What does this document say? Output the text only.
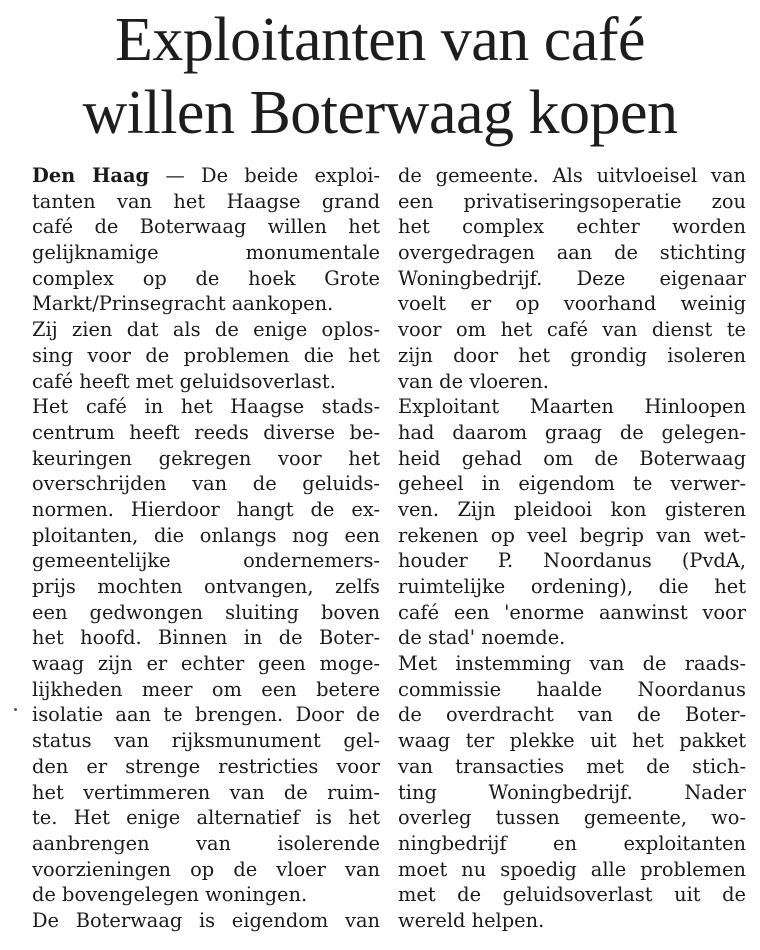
Exploitanten van café
willen Boterwaag kopen
Den Haag — De beide exploi-
tanten van het Haagse grand
café de Boterwaag willen het
gelijknamige monumentale
complex op de hoek Grote
Markt/Prinsegracht aankopen.
Zij zien dat als de enige oplos-
sing voor de problemen die het
café heeft met geluidsoverlast.
Het café in het Haagse stads-
centrum heeft reeds diverse be-
keuringen gekregen voor het
overschrijden van de geluids-
normen. Hierdoor hangt de ex-
ploitanten, die onlangs nog een
gemeentelijke ondernemers-
prijs mochten ontvangen, zelfs
een gedwongen sluiting boven
het hoofd. Binnen in de Boter-
waag zijn er echter geen moge-
lijkheden meer om een betere
isolatie aan te brengen. Door de
status van rijksmunument gel-
den er strenge restricties voor
het vertimmeren van de ruim-
te. Het enige alternatief is het
aanbrengen van isolerende
voorzieningen op de vloer van
de bovengelegen woningen.
De Boterwaag is eigendom van
de gemeente. Als uitvloeisel van
een privatiseringsoperatie zou
het complex echter worden
overgedragen aan de stichting
Woningbedrijf. Deze eigenaar
voelt er op voorhand weinig
voor om het café van dienst te
zijn door het grondig isoleren
van de vloeren.
Exploitant Maarten Hinloopen
had daarom graag de gelegen-
heid gehad om de Boterwaag
geheel in eigendom te verwer-
ven. Zijn pleidooi kon gisteren
rekenen op veel begrip van wet-
houder P. Noordanus (PvdA,
ruimtelijke ordening), die het
café een 'enorme aanwinst voor
de stad' noemde.
Met instemming van de raads-
commissie haalde Noordanus
de overdracht van de Boter-
waag ter plekke uit het pakket
van transacties met de stich-
ting Woningbedrijf. Nader
overleg tussen gemeente, wo-
ningbedrijf en exploitanten
moet nu spoedig alle problemen
met de geluidsoverlast uit de
wereld helpen.
